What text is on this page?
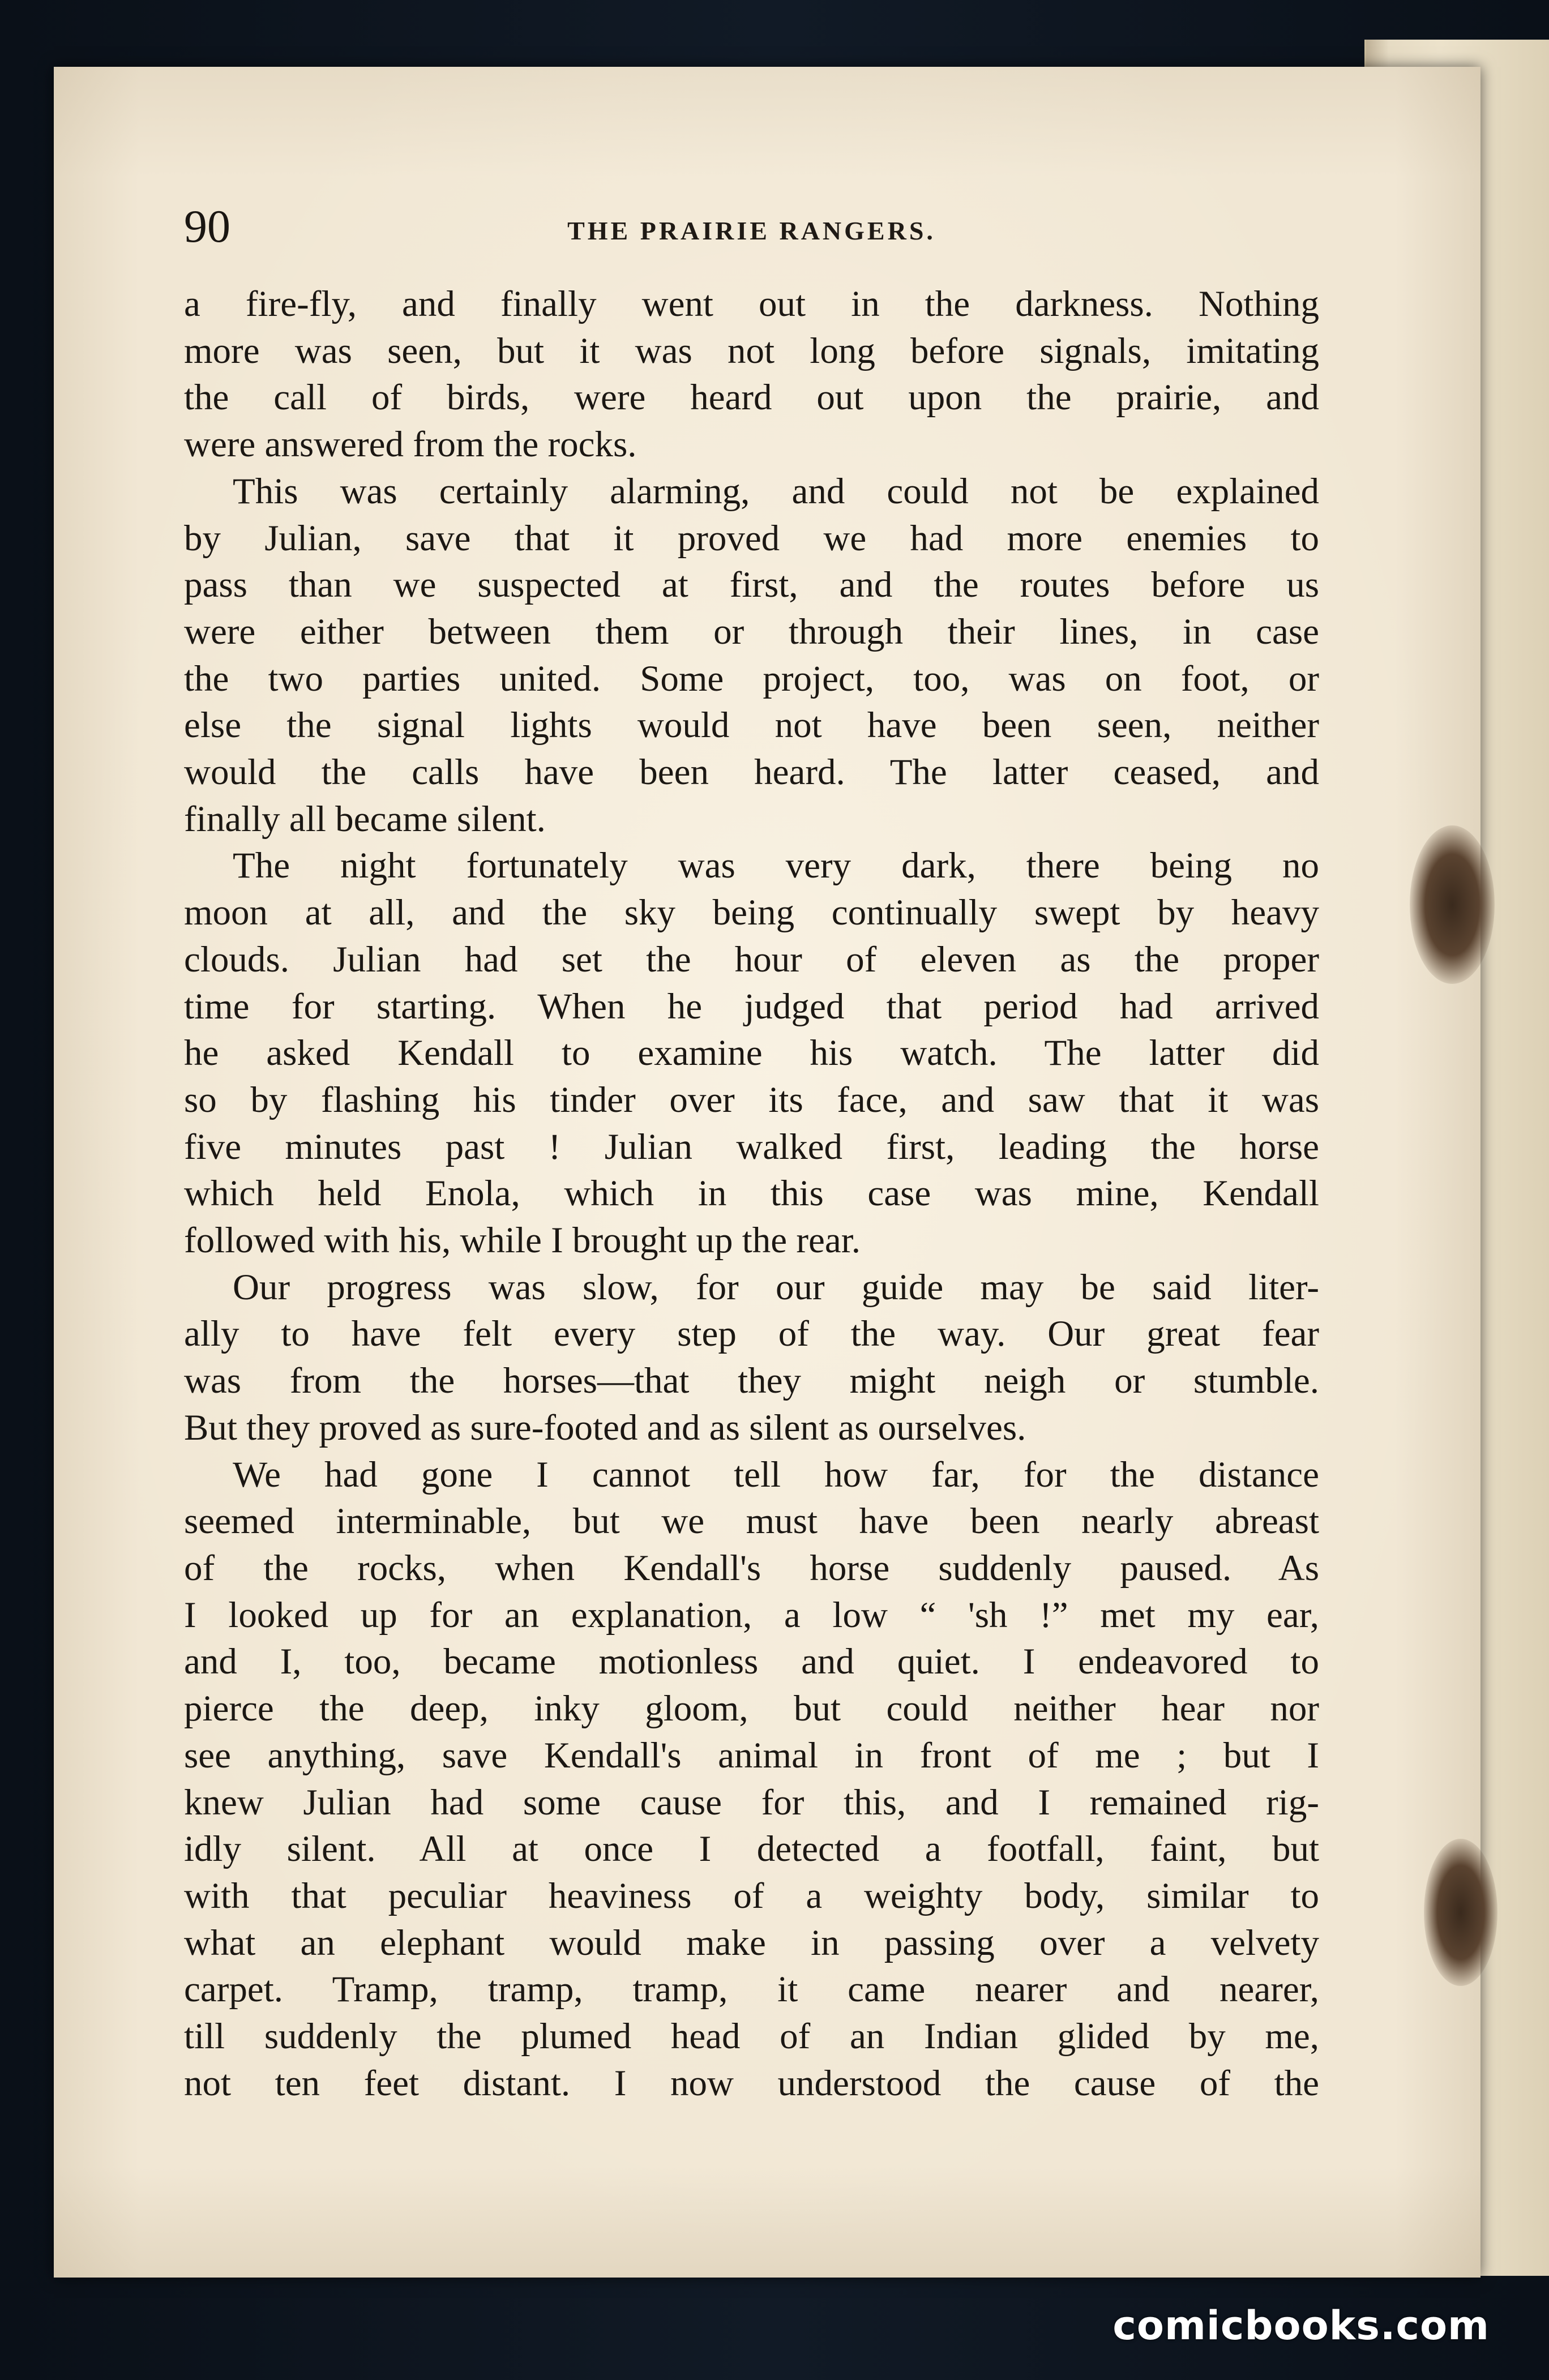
90	THE PRAIRIE RANGERS.
a fire-fly, and finally went out in the darkness. Nothing
more was seen, but it was not long before signals, imitating
the call of birds, were heard out upon the prairie, and
were answered from the rocks.
This was certainly alarming, and could not be explained
by Julian, save that it proved we had more enemies to
pass than we suspected at first, and the routes before us
were either between them or through their lines, in case
the two parties united. Some project, too, was on foot, or
else the signal lights would not have been seen, neither
would the calls have been heard. The latter ceased, and
finally all became silent.
The night fortunately was very dark, there being no
moon at all, and the sky being continually swept by heavy
clouds. Julian had set the hour of eleven as the proper
time for starting. When he judged that period had arrived
he asked Kendall to examine his watch. The latter did
so by flashing his tinder over its face, and saw that it was
five minutes past ! Julian walked first, leading the horse
which held Enola, which in this case was mine, Kendall
followed with his, while I brought up the rear.
Our progress was slow, for our guide may be said liter-
ally to have felt every step of the way. Our great fear
was from the horses—that they might neigh or stumble.
But they proved as sure-footed and as silent as ourselves.
We had gone I cannot tell how far, for the distance
seemed interminable, but we must have been nearly abreast
of the rocks, when Kendall's horse suddenly paused. As
I looked up for an explanation, a low “ 'sh !” met my ear,
and I, too, became motionless and quiet. I endeavored to
pierce the deep, inky gloom, but could neither hear nor
see anything, save Kendall's animal in front of me ; but I
knew Julian had some cause for this, and I remained rig-
idly silent. All at once I detected a footfall, faint, but
with that peculiar heaviness of a weighty body, similar to
what an elephant would make in passing over a velvety
carpet. Tramp, tramp, tramp, it came nearer and nearer,
till suddenly the plumed head of an Indian glided by me,
not ten feet distant. I now understood the cause of the
comicbooks.com
